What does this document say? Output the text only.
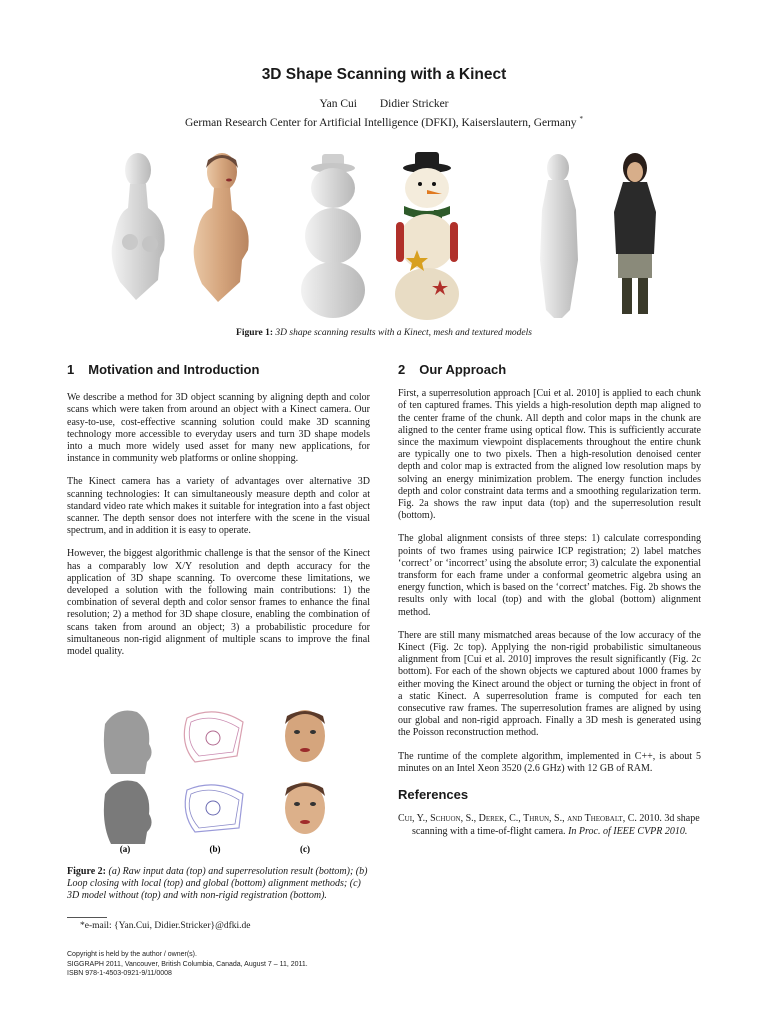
3D Shape Scanning with a Kinect
Yan Cui Didier Stricker
German Research Center for Artificial Intelligence (DFKI), Kaiserslautern, Germany *
Figure 1: 3D shape scanning results with a Kinect, mesh and textured models
1 Motivation and Introduction

We describe a method for 3D object scanning by aligning depth and color scans which were taken from around an object with a Kinect camera. Our easy-to-use, cost-effective scanning solution could make 3D scanning technology more accessible to everyday users and turn 3D shape models into a much more widely used asset for many new applications, for instance in community web platforms or online shopping.

The Kinect camera has a variety of advantages over alternative 3D scanning technologies: It can simultaneously measure depth and color at standard video rate which makes it suitable for integration into a fast object scanner. The depth sensor does not interfere with the scene in the visual spectrum, and in addition it is easy to operate.

However, the biggest algorithmic challenge is that the sensor of the Kinect has a comparably low X/Y resolution and depth accuracy for the application of 3D shape scanning. To overcome these limitations, we developed a solution with the following main contributions: 1) the combination of several depth and color sensor frames to enhance the final resolution; 2) a method for 3D shape closure, enabling the combination of scans taken from around an object; 3) a probabilistic procedure for simultaneous non-rigid alignment of multiple scans to improve the final model quality.

(a)	(b)	(c)
Figure 2: (a) Raw input data (top) and superresolution result (bottom); (b) Loop closing with local (top) and global (bottom) alignment methods; (c) 3D model without (top) and with non-rigid registration (bottom).
*e-mail: {Yan.Cui, Didier.Stricker}@dfki.de
Copyright is held by the author / owner(s).
SIGGRAPH 2011, Vancouver, British Columbia, Canada, August 7 – 11, 2011.
ISBN 978-1-4503-0921-9/11/0008
2 Our Approach

First, a superresolution approach [Cui et al. 2010] is applied to each chunk of ten captured frames. This yields a high-resolution depth map aligned to the center frame of the chunk. All depth and color maps in the chunk are aligned to the center frame using optical flow. This is sufficiently accurate since the maximum viewpoint displacements throughout the entire chunk are typically one to two pixels. Then a high-resolution denoised center depth and color map is extracted from the aligned low resolution maps by solving an energy minimization problem. The energy function includes depth and color constraint data terms and a smoothing regularization term. Fig. 2a shows the raw input data (top) and the superresolution result (bottom).

The global alignment consists of three steps: 1) calculate corresponding points of two frames using pairwice ICP registration; 2) label matches ‘correct’ or ‘incorrect’ using the absolute error; 3) calculate the exponential transform for each frame under a conformal geometric algebra using an energy function, which is based on the ‘correct’ matches. Fig. 2b shows the results only with local (top) and with the global (bottom) alignment method.

There are still many mismatched areas because of the low accuracy of the Kinect (Fig. 2c top). Applying the non-rigid probabilistic simultaneous alignment from [Cui et al. 2010] improves the result significantly (Fig. 2c bottom). For each of the shown objects we captured about 1000 frames by either moving the Kinect around the object or turning the object in front of a static Kinect. A superresolution frame is computed for each ten consecutive raw frames. The superresolution frames are aligned by using our global and non-rigid approach. Finally a 3D mesh is generated using the Poisson reconstruction method.

The runtime of the complete algorithm, implemented in C++, is about 5 minutes on an Intel Xeon 3520 (2.6 GHz) with 12 GB of RAM.

References
Cui, Y., Schuon, S., Derek, C., Thrun, S., and Theobalt, C. 2010. 3d shape scanning with a time-of-flight camera. In Proc. of IEEE CVPR 2010.
